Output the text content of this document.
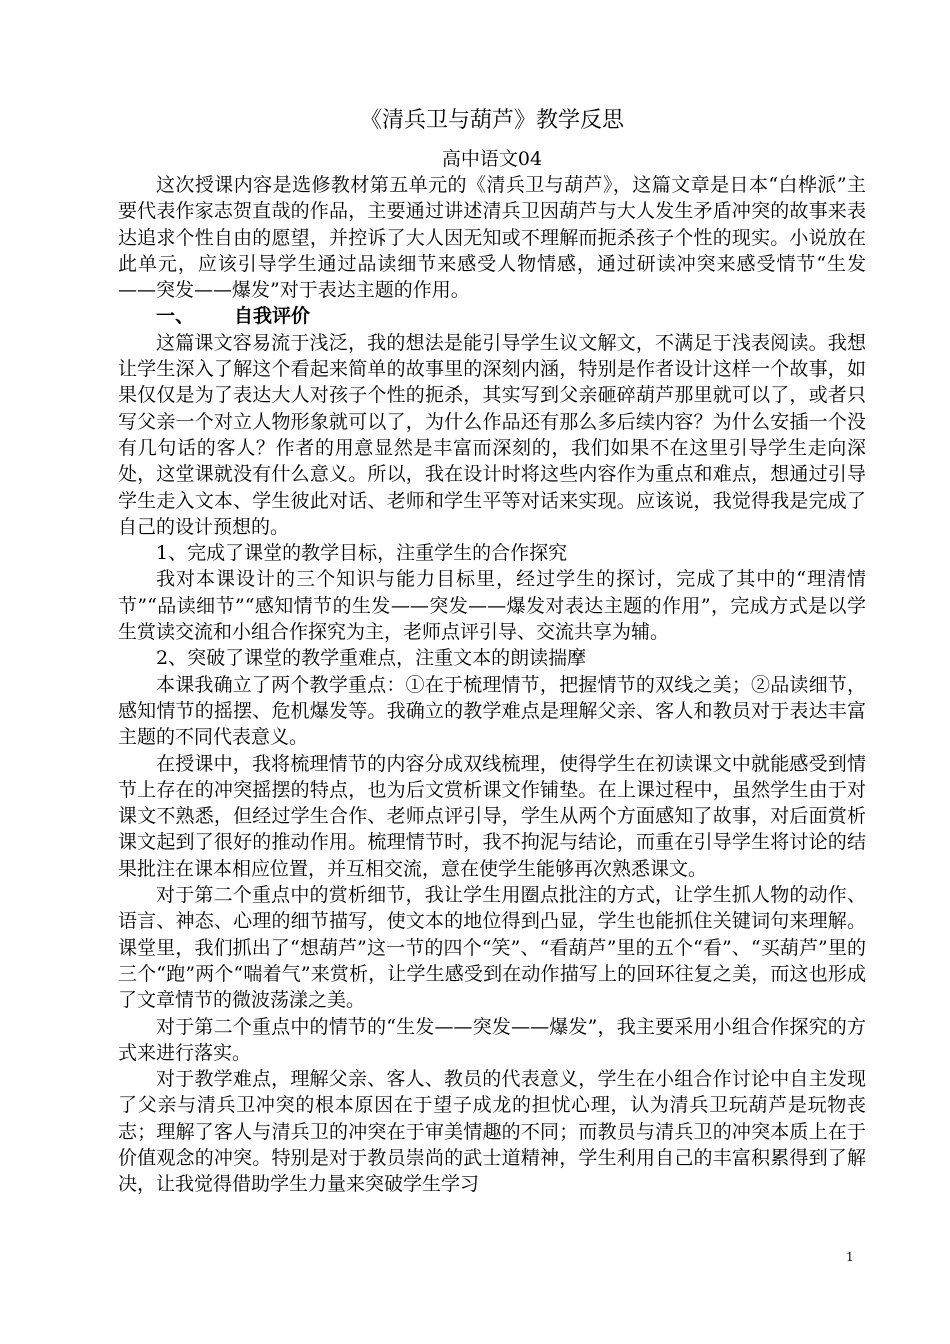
《清兵卫与葫芦》教学反思
高中语文04

这次授课内容是选修教材第五单元的《清兵卫与葫芦》，这篇文章是日本“白桦派”主要代表作家志贺直哉的作品，主要通过讲述清兵卫因葫芦与大人发生矛盾冲突的故事来表达追求个性自由的愿望，并控诉了大人因无知或不理解而扼杀孩子个性的现实。小说放在此单元，应该引导学生通过品读细节来感受人物情感，通过研读冲突来感受情节“生发——突发——爆发”对于表达主题的作用。

一、 自我评价

这篇课文容易流于浅泛，我的想法是能引导学生议文解文，不满足于浅表阅读。我想让学生深入了解这个看起来简单的故事里的深刻内涵，特别是作者设计这样一个故事，如果仅仅是为了表达大人对孩子个性的扼杀，其实写到父亲砸碎葫芦那里就可以了，或者只写父亲一个对立人物形象就可以了，为什么作品还有那么多后续内容？为什么安插一个没有几句话的客人？作者的用意显然是丰富而深刻的，我们如果不在这里引导学生走向深处，这堂课就没有什么意义。所以，我在设计时将这些内容作为重点和难点，想通过引导学生走入文本、学生彼此对话、老师和学生平等对话来实现。应该说，我觉得我是完成了自己的设计预想的。

1、完成了课堂的教学目标，注重学生的合作探究

我对本课设计的三个知识与能力目标里，经过学生的探讨，完成了其中的“理清情节”“品读细节”“感知情节的生发——突发——爆发对表达主题的作用”，完成方式是以学生赏读交流和小组合作探究为主，老师点评引导、交流共享为辅。

2、突破了课堂的教学重难点，注重文本的朗读揣摩

本课我确立了两个教学重点：①在于梳理情节，把握情节的双线之美；②品读细节，感知情节的摇摆、危机爆发等。我确立的教学难点是理解父亲、客人和教员对于表达丰富主题的不同代表意义。

在授课中，我将梳理情节的内容分成双线梳理，使得学生在初读课文中就能感受到情节上存在的冲突摇摆的特点，也为后文赏析课文作铺垫。在上课过程中，虽然学生由于对课文不熟悉，但经过学生合作、老师点评引导，学生从两个方面感知了故事，对后面赏析课文起到了很好的推动作用。梳理情节时，我不拘泥与结论，而重在引导学生将讨论的结果批注在课本相应位置，并互相交流，意在使学生能够再次熟悉课文。

对于第二个重点中的赏析细节，我让学生用圈点批注的方式，让学生抓人物的动作、语言、神态、心理的细节描写，使文本的地位得到凸显，学生也能抓住关键词句来理解。课堂里，我们抓出了“想葫芦”这一节的四个“笑”、“看葫芦”里的五个“看”、“买葫芦”里的三个“跑”两个“喘着气”来赏析，让学生感受到在动作描写上的回环往复之美，而这也形成了文章情节的微波荡漾之美。

对于第二个重点中的情节的“生发——突发——爆发”，我主要采用小组合作探究的方式来进行落实。

对于教学难点，理解父亲、客人、教员的代表意义，学生在小组合作讨论中自主发现了父亲与清兵卫冲突的根本原因在于望子成龙的担忧心理，认为清兵卫玩葫芦是玩物丧志；理解了客人与清兵卫的冲突在于审美情趣的不同；而教员与清兵卫的冲突本质上在于价值观念的冲突。特别是对于教员崇尚的武士道精神，学生利用自己的丰富积累得到了解决，让我觉得借助学生力量来突破学生学习

1
